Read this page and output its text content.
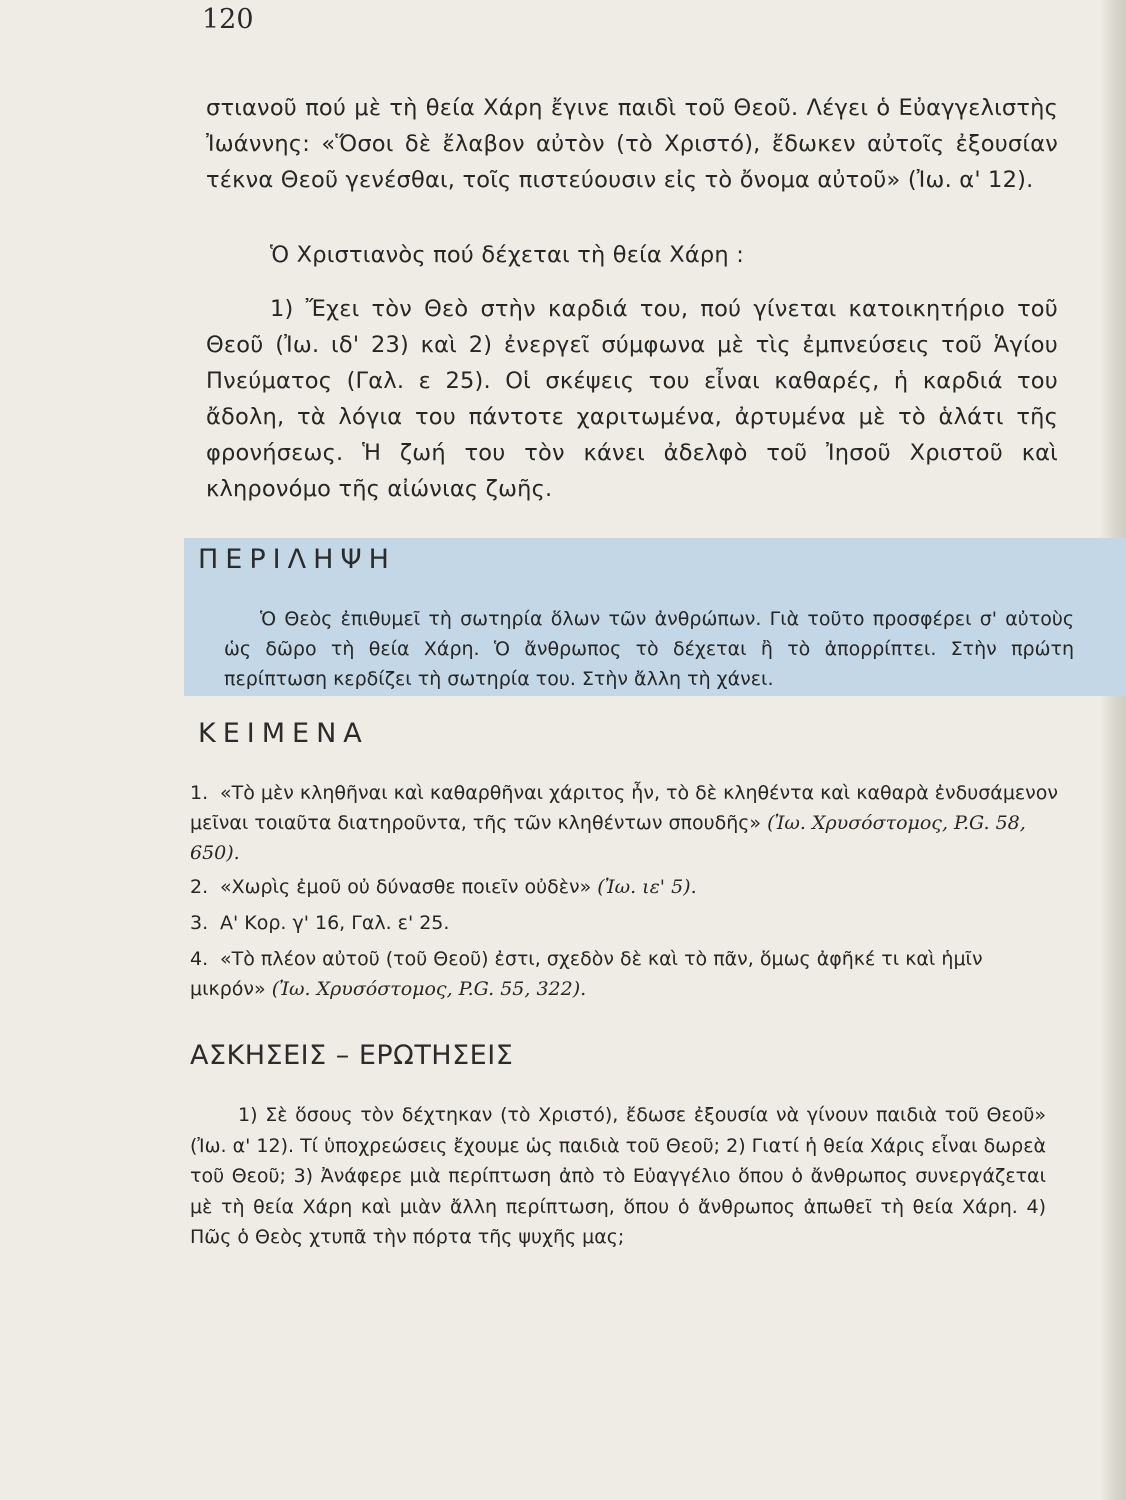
120
στιανοῦ πού μὲ τὴ θεία Χάρη ἔγινε παιδὶ τοῦ Θεοῦ. Λέγει ὁ Εὐαγγελιστὴς Ἰωάννης: «Ὅσοι δὲ ἔλαβον αὐτὸν (τὸ Χριστό), ἔδωκεν αὐτοῖς ἐξουσίαν τέκνα Θεοῦ γενέσθαι, τοῖς πιστεύουσιν εἰς τὸ ὄνομα αὐτοῦ» (Ἰω. α' 12).
Ὁ Χριστιανὸς πού δέχεται τὴ θεία Χάρη :
1) Ἔχει τὸν Θεὸ στὴν καρδιά του, πού γίνεται κατοικητήριο τοῦ Θεοῦ (Ἰω. ιδ' 23) καὶ 2) ἐνεργεῖ σύμφωνα μὲ τὶς ἐμπνεύσεις τοῦ Ἁγίου Πνεύματος (Γαλ. ε 25). Οἱ σκέψεις του εἶναι καθαρές, ἡ καρδιά του ἄδολη, τὰ λόγια του πάντοτε χαριτωμένα, ἀρτυμένα μὲ τὸ ἁλάτι τῆς φρονήσεως. Ἡ ζωή του τὸν κάνει ἀδελφὸ τοῦ Ἰησοῦ Χριστοῦ καὶ κληρονόμο τῆς αἰώνιας ζωῆς.
ΠΕΡΙΛΗΨΗ
Ὁ Θεὸς ἐπιθυμεῖ τὴ σωτηρία ὅλων τῶν ἀνθρώπων. Γιὰ τοῦτο προσφέρει σ' αὐτοὺς ὡς δῶρο τὴ θεία Χάρη. Ὁ ἄνθρωπος τὸ δέχεται ἢ τὸ ἀπορρίπτει. Στὴν πρώτη περίπτωση κερδίζει τὴ σωτηρία του. Στὴν ἄλλη τὴ χάνει.
ΚΕΙΜΕΝΑ
1. «Τὸ μὲν κληθῆναι καὶ καθαρθῆναι χάριτος ἦν, τὸ δὲ κληθέντα καὶ καθαρὰ ἐνδυσάμενον μεῖναι τοιαῦτα διατηροῦντα, τῆς τῶν κληθέντων σπουδῆς» (Ἰω. Χρυσόστομος, P.G. 58, 650).
2. «Χωρὶς ἐμοῦ οὐ δύνασθε ποιεῖν οὐδὲν» (Ἰω. ιε' 5).
3. Α' Κορ. γ' 16, Γαλ. ε' 25.
4. «Τὸ πλέον αὐτοῦ (τοῦ Θεοῦ) ἐστι, σχεδὸν δὲ καὶ τὸ πᾶν, ὅμως ἀφῆκέ τι καὶ ἡμῖν μικρόν» (Ἰω. Χρυσόστομος, P.G. 55, 322).
ΑΣΚΗΣΕΙΣ – ΕΡΩΤΗΣΕΙΣ
1) Σὲ ὅσους τὸν δέχτηκαν (τὸ Χριστό), ἔδωσε ἐξουσία νὰ γίνουν παιδιὰ τοῦ Θεοῦ» (Ἰω. α' 12). Τί ὑποχρεώσεις ἔχουμε ὡς παιδιὰ τοῦ Θεοῦ; 2) Γιατί ἡ θεία Χάρις εἶναι δωρεὰ τοῦ Θεοῦ; 3) Ἀνάφερε μιὰ περίπτωση ἀπὸ τὸ Εὐαγγέλιο ὅπου ὁ ἄνθρωπος συνεργάζεται μὲ τὴ θεία Χάρη καὶ μιὰν ἄλλη περίπτωση, ὅπου ὁ ἄνθρωπος ἀπωθεῖ τὴ θεία Χάρη. 4) Πῶς ὁ Θεὸς χτυπᾶ τὴν πόρτα τῆς ψυχῆς μας;
